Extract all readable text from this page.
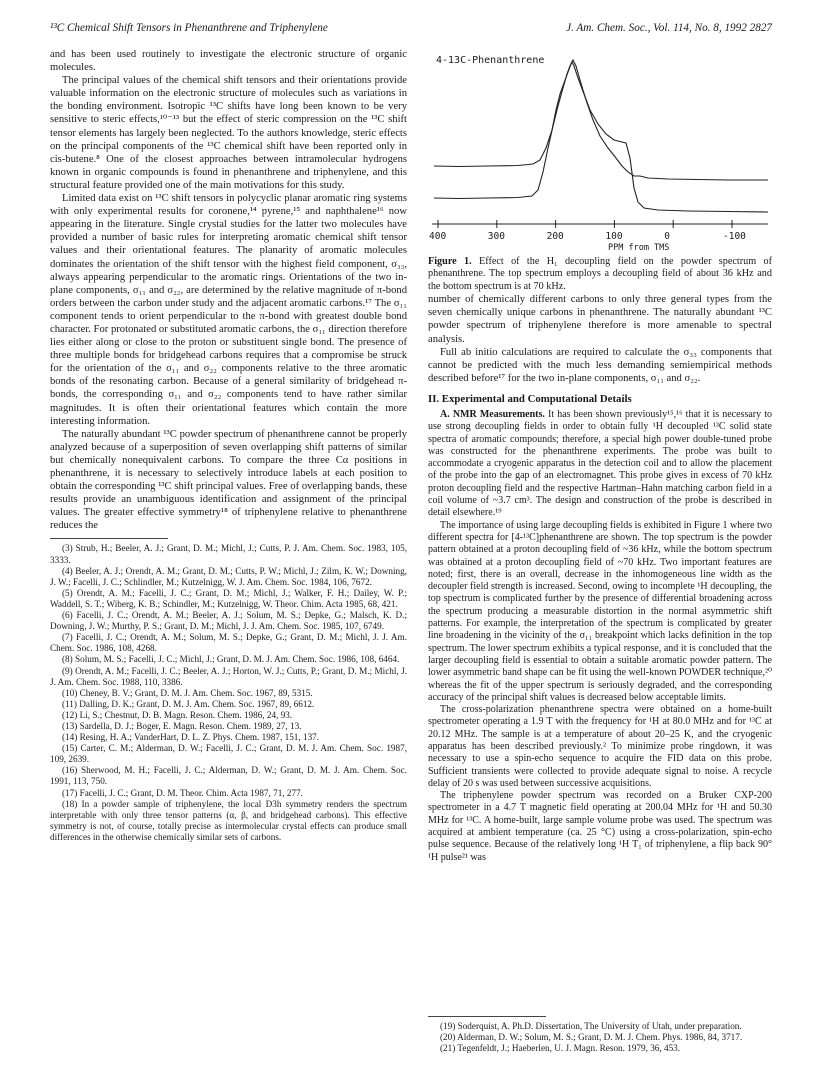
¹³C Chemical Shift Tensors in Phenanthrene and Triphenylene	J. Am. Chem. Soc., Vol. 114, No. 8, 1992 2827

and has been used routinely to investigate the electronic structure of organic molecules.

The principal values of the chemical shift tensors and their orientations provide valuable information on the electronic structure of molecules such as variations in the bonding environment. Isotropic ¹³C shifts have long been known to be very sensitive to steric effects,¹⁰⁻¹³ but the effect of steric compression on the ¹³C shift tensor elements has largely been neglected. To the authors knowledge, steric effects on the principal components of the ¹³C chemical shift have been reported only in cis-butene.⁸ One of the closest approaches between intramolecular hydrogens known in organic compounds is found in phenanthrene and triphenylene, and this structural feature provided one of the main motivations for this study.

Limited data exist on ¹³C shift tensors in polycyclic planar aromatic ring systems with only experimental results for coronene,¹⁴ pyrene,¹⁵ and naphthalene¹⁶ now appearing in the literature. Single crystal studies for the latter two molecules have provided a number of basic rules for interpreting aromatic chemical shift tensor values and their orientational features. The planarity of aromatic molecules dominates the orientation of the shift tensor with the highest field component, σ₃₃, always appearing perpendicular to the aromatic rings. Orientations of the two in-plane components, σ₁₁ and σ₂₂, are determined by the relative magnitude of π-bond orders between the carbon under study and the adjacent aromatic carbons.¹⁷ The σ₁₁ component tends to orient perpendicular to the π-bond with greatest double bond character. For protonated or substituted aromatic carbons, the σ₁₁ direction therefore lies either along or close to the proton or substituent single bond. The presence of three multiple bonds for bridgehead carbons requires that a compromise be struck for the orientation of the σ₁₁ and σ₂₂ components relative to the three aromatic bonds of the resonating carbon. Because of a general similarity of bridgehead π-bonds, the corresponding σ₁₁ and σ₂₂ components tend to have rather similar magnitudes. It is often their orientational features which contain the more interesting information.

The naturally abundant ¹³C powder spectrum of phenanthrene cannot be properly analyzed because of a superposition of seven overlapping shift patterns of similar but chemically nonequivalent carbons. To compare the three Cα positions in phenanthrene, it is necessary to selectively introduce labels at each position to obtain the corresponding ¹³C shift principal values. Free of overlapping bands, these results provide an unambiguous identification and assignment of the principal values. The greater effective symmetry¹⁸ of triphenylene relative to phenanthrene reduces the

(3) Strub, H.; Beeler, A. J.; Grant, D. M.; Michl, J.; Cutts, P. J. Am. Chem. Soc. 1983, 105, 3333.
(4) Beeler, A. J.; Orendt, A. M.; Grant, D. M.; Cutts, P. W.; Michl, J.; Zilm, K. W.; Downing, J. W.; Facelli, J. C.; Schlindler, M.; Kutzelnigg, W. J. Am. Chem. Soc. 1984, 106, 7672.
(5) Orendt, A. M.; Facelli, J. C.; Grant, D. M.; Michl, J.; Walker, F. H.; Dailey, W. P.; Waddell, S. T.; Wiberg, K. B.; Schindler, M.; Kutzelnigg, W. Theor. Chim. Acta 1985, 68, 421.
(6) Facelli, J. C.; Orendt, A. M.; Beeler, A. J.; Solum, M. S.; Depke, G.; Malsch, K. D.; Downing, J. W.; Murthy, P. S.; Grant, D. M.; Michl, J. J. Am. Chem. Soc. 1985, 107, 6749.
(7) Facelli, J. C.; Orendt, A. M.; Solum, M. S.; Depke, G.; Grant, D. M.; Michl, J. J. Am. Chem. Soc. 1986, 108, 4268.
(8) Solum, M. S.; Facelli, J. C.; Michl, J.; Grant, D. M. J. Am. Chem. Soc. 1986, 108, 6464.
(9) Orendt, A. M.; Facelli, J. C.; Beeler, A. J.; Horton, W. J.; Cutts, P.; Grant, D. M.; Michl, J. J. Am. Chem. Soc. 1988, 110, 3386.
(10) Cheney, B. V.; Grant, D. M. J. Am. Chem. Soc. 1967, 89, 5315.
(11) Dalling, D. K.; Grant, D. M. J. Am. Chem. Soc. 1967, 89, 6612.
(12) Li, S.; Chestnut, D. B. Magn. Reson. Chem. 1986, 24, 93.
(13) Sardella, D. J.; Boger, E. Magn. Reson. Chem. 1989, 27, 13.
(14) Resing, H. A.; VanderHart, D. L. Z. Phys. Chem. 1987, 151, 137.
(15) Carter, C. M.; Alderman, D. W.; Facelli, J. C.; Grant, D. M. J. Am. Chem. Soc. 1987, 109, 2639.
(16) Sherwood, M. H.; Facelli, J. C.; Alderman, D. W.; Grant, D. M. J. Am. Chem. Soc. 1991, 113, 750.
(17) Facelli, J. C.; Grant, D. M. Theor. Chim. Acta 1987, 71, 277.
(18) In a powder sample of triphenylene, the local D3h symmetry renders the spectrum interpretable with only three tensor patterns (α, β, and bridgehead carbons). This effective symmetry is not, of course, totally precise as intermolecular crystal effects can produce small differences in the otherwise chemically similar sets of carbons.
4-13C-Phenanthrene
400	300	200	100	0	-100
PPM from TMS

Figure 1. Effect of the H₁ decoupling field on the powder spectrum of phenanthrene. The top spectrum employs a decoupling field of about 36 kHz and the bottom spectrum is at 70 kHz.

number of chemically different carbons to only three general types from the seven chemically unique carbons in phenanthrene. The naturally abundant ¹³C powder spectrum of triphenylene therefore is more amenable to spectral analysis.

Full ab initio calculations are required to calculate the σ₃₃ components that cannot be predicted with the much less demanding semiempirical methods described before¹⁷ for the two in-plane components, σ₁₁ and σ₂₂.

II. Experimental and Computational Details

A. NMR Measurements. It has been shown previously¹⁵,¹⁶ that it is necessary to use strong decoupling fields in order to obtain fully ¹H decoupled ¹³C solid state spectra of aromatic compounds; therefore, a special high power double-tuned probe was constructed for the phenanthrene experiments. The probe was built to accommodate a cryogenic apparatus in the detection coil and to allow the placement of the probe into the gap of an electromagnet. This probe gives in excess of 70 kHz proton decoupling field and the respective Hartman–Hahn matching carbon field in a coil volume of ~3.7 cm³. The design and construction of the probe is described in detail elsewhere.¹⁹

The importance of using large decoupling fields is exhibited in Figure 1 where two different spectra for [4-¹³C]phenanthrene are shown. The top spectrum is the powder pattern obtained at a proton decoupling field of ~36 kHz, while the bottom spectrum was obtained at a proton decoupling field of ~70 kHz. Two important features are noted; first, there is an overall, decrease in the inhomogeneous line width as the decoupler field strength is increased. Second, owing to incomplete ¹H decoupling, the top spectrum is complicated further by the presence of differential broadening across the spectrum producing a measurable distortion in the normal asymmetric shift patterns. For example, the interpretation of the spectrum is complicated by greater line broadening in the vicinity of the σ₁₁ breakpoint which lacks definition in the top spectrum. The lower spectrum exhibits a typical response, and it is concluded that the larger decoupling field is essential to obtain a suitable aromatic powder pattern. The lower asymmetric band shape can be fit using the well-known POWDER technique,²⁰ whereas the fit of the upper spectrum is seriously degraded, and the corresponding accuracy of the principal shift values is decreased below acceptable limits.

The cross-polarization phenanthrene spectra were obtained on a home-built spectrometer operating a 1.9 T with the frequency for ¹H at 80.0 MHz and for ¹³C at 20.12 MHz. The sample is at a temperature of about 20–25 K, and the cryogenic apparatus has been described previously.² To minimize probe ringdown, it was necessary to use a spin-echo sequence to acquire the FID data on this probe. Sufficient transients were collected to provide adequate signal to noise. A recycle delay of 20 s was used between successive acquisitions.

The triphenylene powder spectrum was recorded on a Bruker CXP-200 spectrometer in a 4.7 T magnetic field operating at 200.04 MHz for ¹H and 50.30 MHz for ¹³C. A home-built, large sample volume probe was used. The spectrum was acquired at ambient temperature (ca. 25 °C) using a cross-polarization, spin-echo pulse sequence. Because of the relatively long ¹H T₁ of triphenylene, a flip back 90° ¹H pulse²¹ was

(19) Soderquist, A. Ph.D. Dissertation, The University of Utah, under preparation.
(20) Alderman, D. W.; Solum, M. S.; Grant, D. M. J. Chem. Phys. 1986, 84, 3717.
(21) Tegenfeldt, J.; Haeberlen, U. J. Magn. Reson. 1979, 36, 453.
